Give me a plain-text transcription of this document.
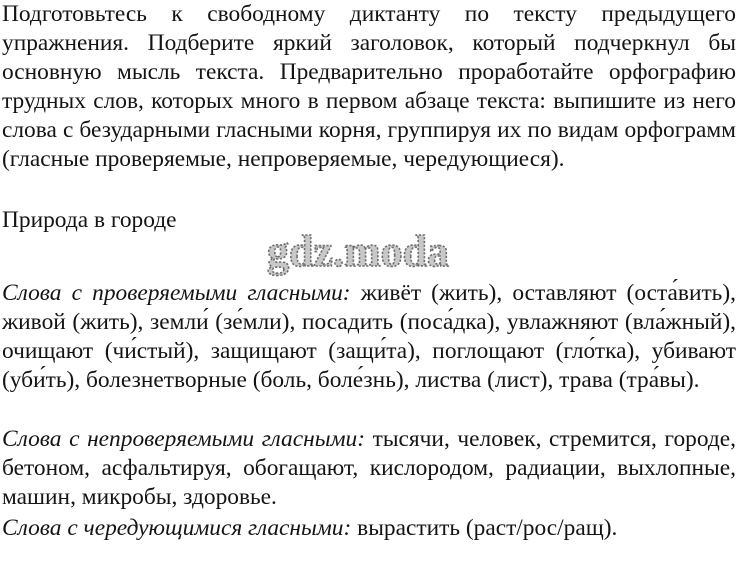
Подготовьтесь к свободному диктанту по тексту предыдущего упражнения. Подберите яркий заголовок, который подчеркнул бы основную мысль текста. Предварительно проработайте орфографию трудных слов, которых много в первом абзаце текста: выпишите из него слова с безударными гласными корня, группируя их по видам орфограмм (гласные проверяемые, непроверяемые, чередующиеся).

Природа в городе

gdz.moda

Слова с проверяемыми гласными: живёт (жить), оставляют (оста́вить), живой (жить), земли́ (зе́мли), посадить (поса́дка), увлажняют (вла́жный), очищают (чи́стый), защищают (защи́та), поглощают (гло́тка), убивают (уби́ть), болезнетворные (боль, боле́знь), листва (лист), трава (тра́вы).

Слова с непроверяемыми гласными: тысячи, человек, стремится, городе, бетоном, асфальтируя, обогащают, кислородом, радиации, выхлопные, машин, микробы, здоровье.

Слова с чередующимися гласными: вырастить (раст/рос/ращ).
